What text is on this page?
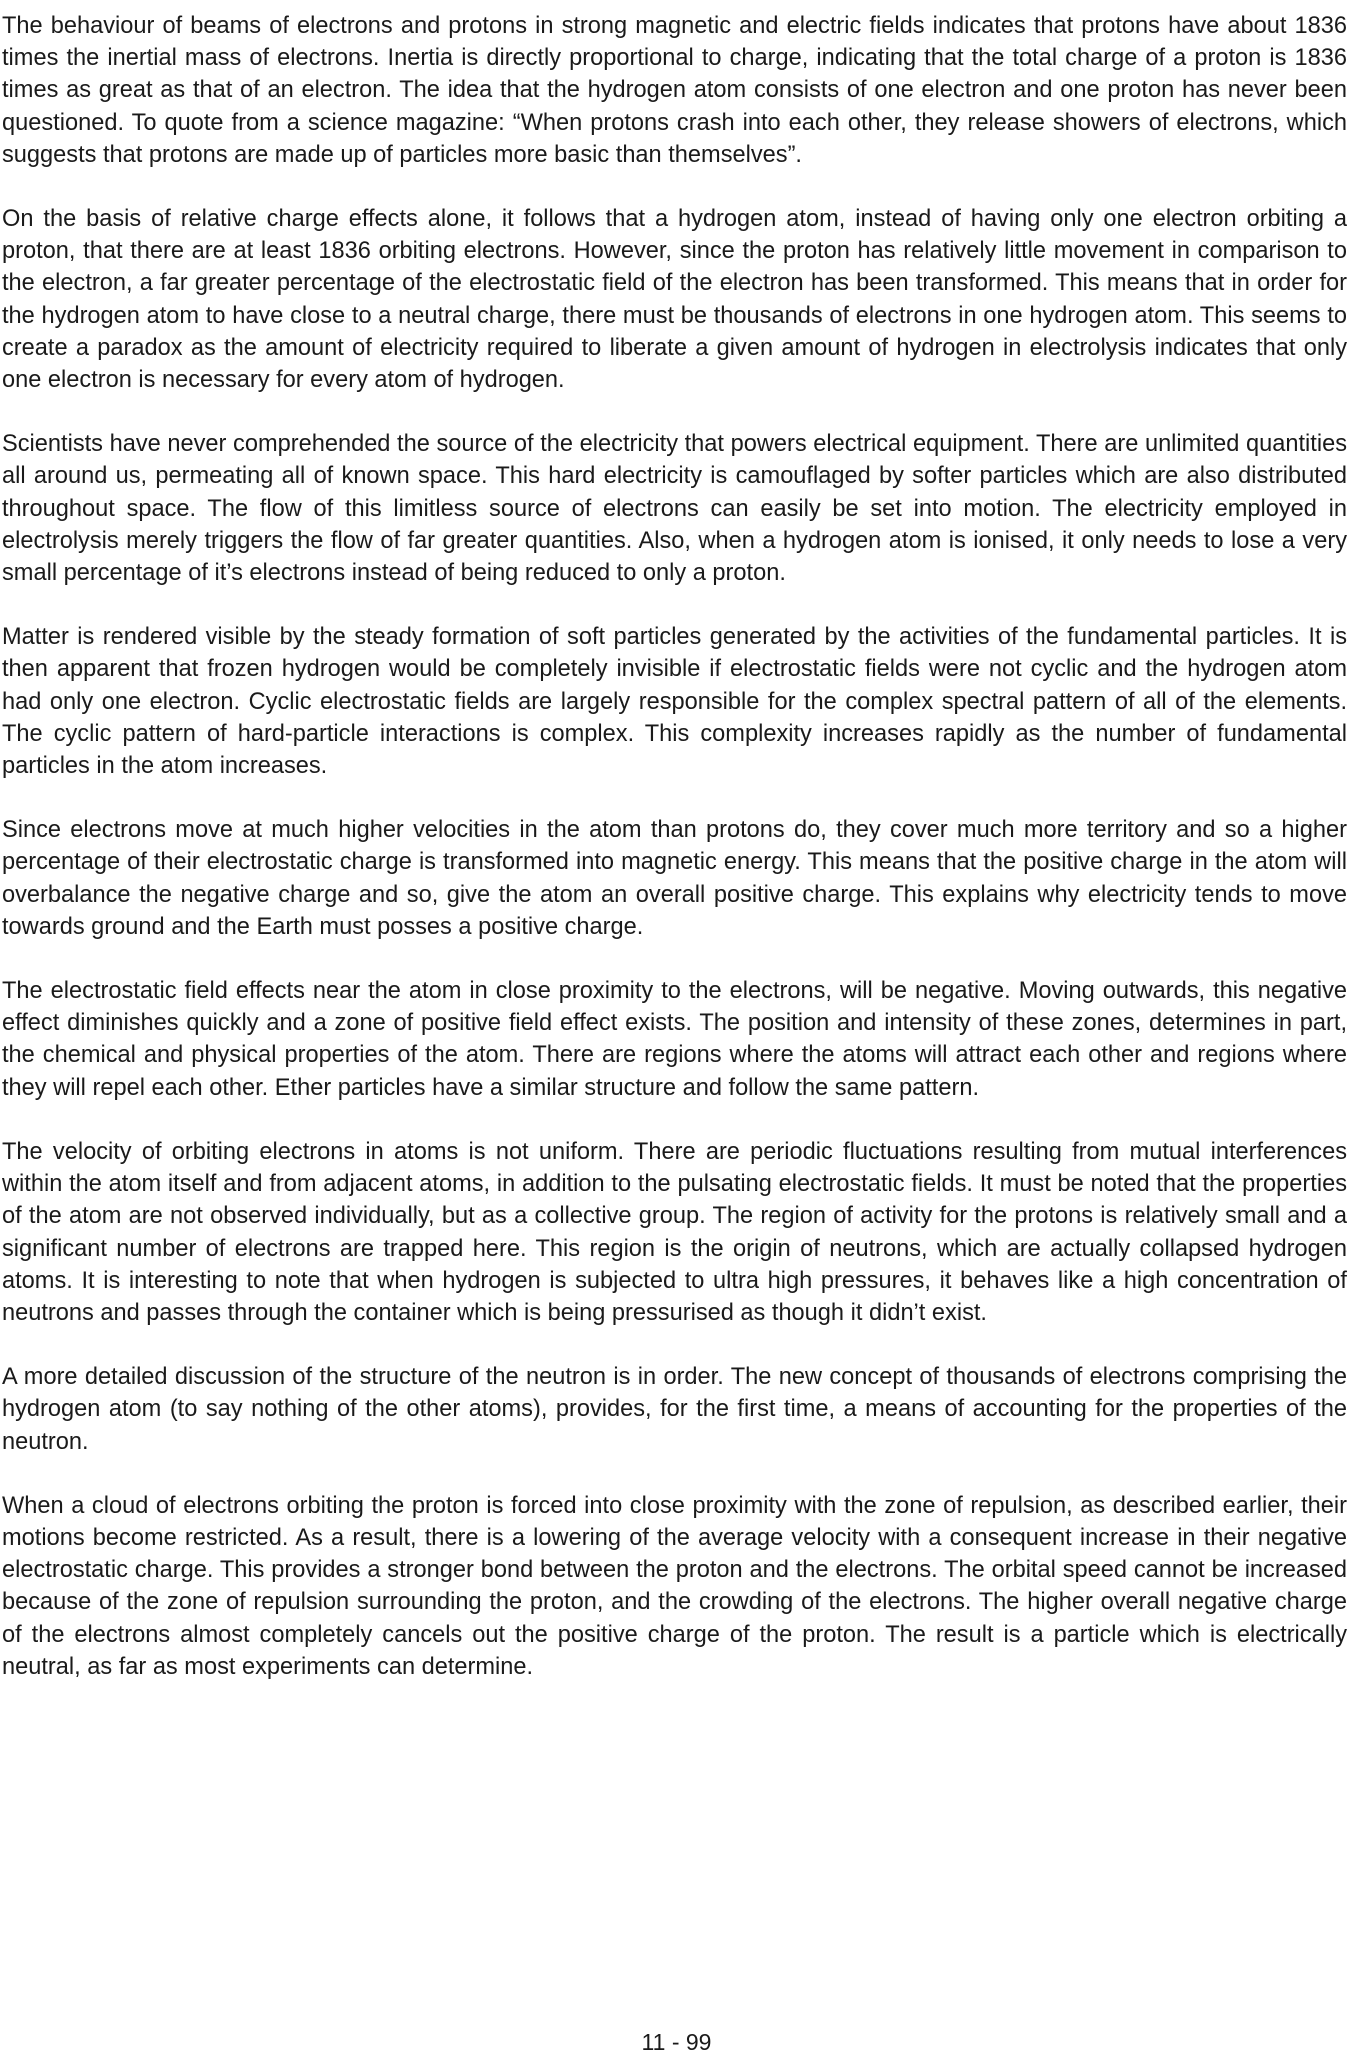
The behaviour of beams of electrons and protons in strong magnetic and electric fields indicates that protons have about 1836 times the inertial mass of electrons. Inertia is directly proportional to charge, indicating that the total charge of a proton is 1836 times as great as that of an electron. The idea that the hydrogen atom consists of one electron and one proton has never been questioned. To quote from a science magazine: “When protons crash into each other, they release showers of electrons, which suggests that protons are made up of particles more basic than themselves”.

On the basis of relative charge effects alone, it follows that a hydrogen atom, instead of having only one electron orbiting a proton, that there are at least 1836 orbiting electrons. However, since the proton has relatively little movement in comparison to the electron, a far greater percentage of the electrostatic field of the electron has been transformed. This means that in order for the hydrogen atom to have close to a neutral charge, there must be thousands of electrons in one hydrogen atom. This seems to create a paradox as the amount of electricity required to liberate a given amount of hydrogen in electrolysis indicates that only one electron is necessary for every atom of hydrogen.

Scientists have never comprehended the source of the electricity that powers electrical equipment. There are unlimited quantities all around us, permeating all of known space. This hard electricity is camouflaged by softer particles which are also distributed throughout space. The flow of this limitless source of electrons can easily be set into motion. The electricity employed in electrolysis merely triggers the flow of far greater quantities. Also, when a hydrogen atom is ionised, it only needs to lose a very small percentage of it’s electrons instead of being reduced to only a proton.

Matter is rendered visible by the steady formation of soft particles generated by the activities of the fundamental particles. It is then apparent that frozen hydrogen would be completely invisible if electrostatic fields were not cyclic and the hydrogen atom had only one electron. Cyclic electrostatic fields are largely responsible for the complex spectral pattern of all of the elements. The cyclic pattern of hard-particle interactions is complex. This complexity increases rapidly as the number of fundamental particles in the atom increases.

Since electrons move at much higher velocities in the atom than protons do, they cover much more territory and so a higher percentage of their electrostatic charge is transformed into magnetic energy. This means that the positive charge in the atom will overbalance the negative charge and so, give the atom an overall positive charge. This explains why electricity tends to move towards ground and the Earth must posses a positive charge.

The electrostatic field effects near the atom in close proximity to the electrons, will be negative. Moving outwards, this negative effect diminishes quickly and a zone of positive field effect exists. The position and intensity of these zones, determines in part, the chemical and physical properties of the atom. There are regions where the atoms will attract each other and regions where they will repel each other. Ether particles have a similar structure and follow the same pattern.

The velocity of orbiting electrons in atoms is not uniform. There are periodic fluctuations resulting from mutual interferences within the atom itself and from adjacent atoms, in addition to the pulsating electrostatic fields. It must be noted that the properties of the atom are not observed individually, but as a collective group. The region of activity for the protons is relatively small and a significant number of electrons are trapped here. This region is the origin of neutrons, which are actually collapsed hydrogen atoms. It is interesting to note that when hydrogen is subjected to ultra high pressures, it behaves like a high concentration of neutrons and passes through the container which is being pressurised as though it didn’t exist.

A more detailed discussion of the structure of the neutron is in order. The new concept of thousands of electrons comprising the hydrogen atom (to say nothing of the other atoms), provides, for the first time, a means of accounting for the properties of the neutron.

When a cloud of electrons orbiting the proton is forced into close proximity with the zone of repulsion, as described earlier, their motions become restricted. As a result, there is a lowering of the average velocity with a consequent increase in their negative electrostatic charge. This provides a stronger bond between the proton and the electrons. The orbital speed cannot be increased because of the zone of repulsion surrounding the proton, and the crowding of the electrons. The higher overall negative charge of the electrons almost completely cancels out the positive charge of the proton. The result is a particle which is electrically neutral, as far as most experiments can determine.

11 - 99
